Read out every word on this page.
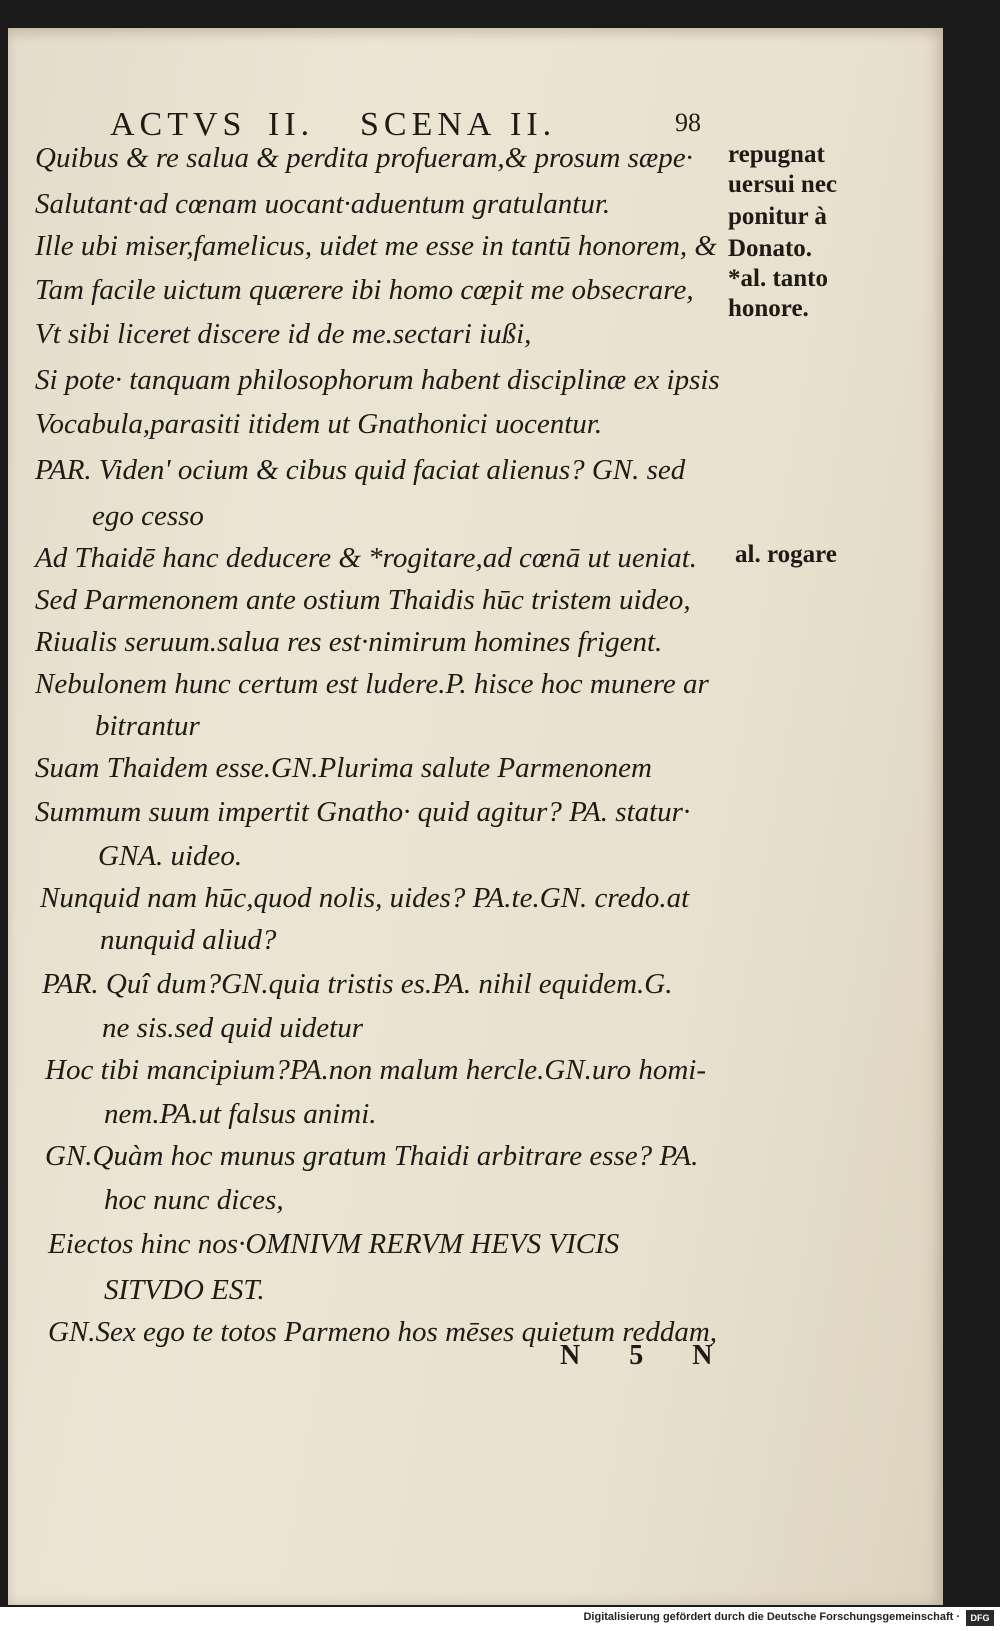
ACTVS II. SCENA II.	98
Quibus & re salua & perdita profueram,& prosum sæpe·
Salutant·ad cœnam uocant·aduentum gratulantur.
Ille ubi miser,famelicus, uidet me esse in tantū honorem, &
Tam facile uictum quærere ibi homo cœpit me obsecrare,
Vt sibi liceret discere id de me.sectari iußi,
Si pote· tanquam philosophorum habent disciplinæ ex ipsis
Vocabula,parasiti itidem ut Gnathonici uocentur.
PAR. Viden' ocium & cibus quid faciat alienus? GN. sed
ego cesso
Ad Thaidē hanc deducere & *rogitare,ad cœnā ut ueniat.
Sed Parmenonem ante ostium Thaidis hūc tristem uideo,
Riualis seruum.salua res est·nimirum homines frigent.
Nebulonem hunc certum est ludere.P. hisce hoc munere ar
bitrantur
Suam Thaidem esse.GN.Plurima salute Parmenonem
Summum suum impertit Gnatho· quid agitur? PA. statur·
GNA. uideo.
Nunquid nam hūc,quod nolis, uides? PA.te.GN. credo.at
nunquid aliud?
PAR. Quî dum?GN.quia tristis es.PA. nihil equidem.G.
ne sis.sed quid uidetur
Hoc tibi mancipium?PA.non malum hercle.GN.uro homi-
nem.PA.ut falsus animi.
GN.Quàm hoc munus gratum Thaidi arbitrare esse? PA.
hoc nunc dices,
Eiectos hinc nos·OMNIVM RERVM HEVS VICIS
SITVDO EST.
GN.Sex ego te totos Parmeno hos mēses quietum reddam,
repugnat
uersui nec
ponitur à
Donato.
*al. tanto
honore.
al. rogare
N 5 N
Digitalisierung gefördert durch die Deutsche Forschungsgemeinschaft ·	DFG
